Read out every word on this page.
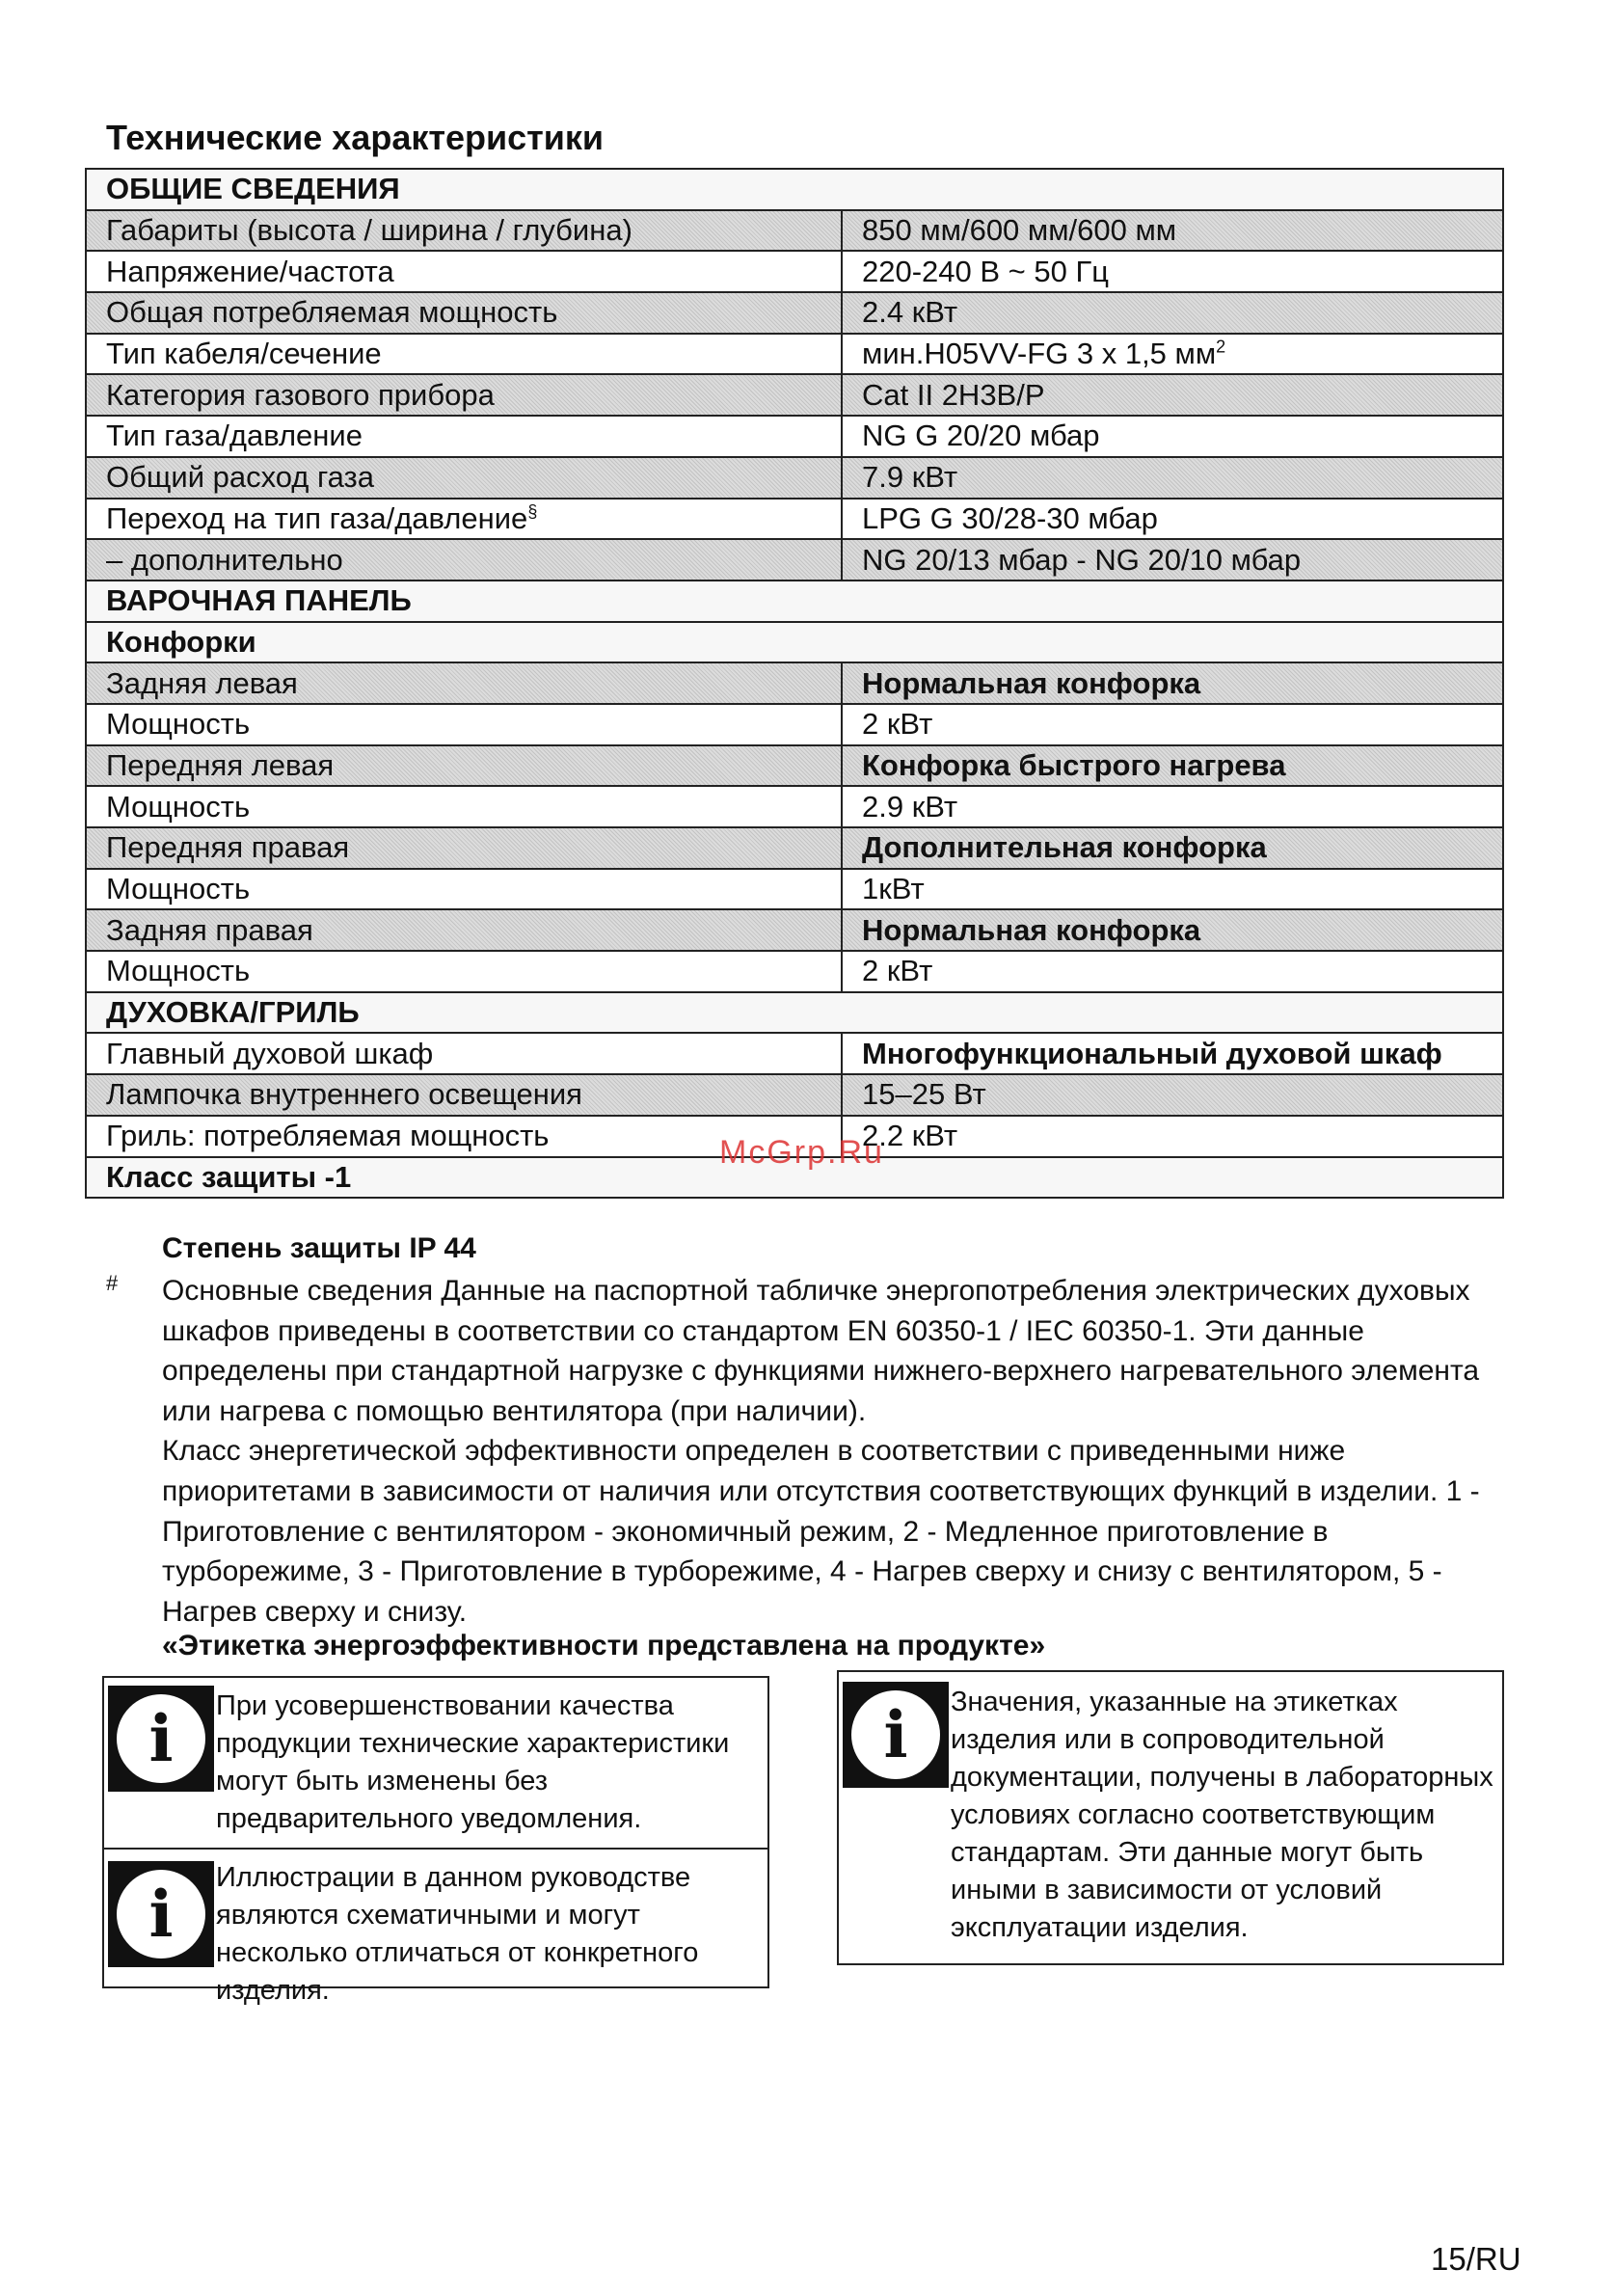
Технические характеристики
ОБЩИЕ СВЕДЕНИЯ	
Габариты (высота / ширина / глубина)	850 мм/600 мм/600 мм
Напряжение/частота	220-240 В ~ 50 Гц
Общая потребляемая мощность	2.4 кВт
Тип кабеля/сечение	мин.H05VV-FG 3 x 1,5 $мм^2$
Категория газового прибора	Cat II 2H3B/P
Тип газа/давление	NG G 20/20 мбар
Общий расход газа	7.9 кВт
Переход на тип газа/давление§	LPG G 30/28-30 мбар
– дополнительно	NG 20/13 мбар - NG 20/10 мбар
ВАРОЧНАЯ ПАНЕЛЬ	
Конфорки	
Задняя левая	Нормальная конфорка
Мощность	2 кВт
Передняя левая	Конфорка быстрого нагрева
Мощность	2.9 кВт
Передняя правая	Дополнительная конфорка
Мощность	1кВт
Задняя правая	Нормальная конфорка
Мощность	2 кВт
ДУХОВКА/ГРИЛЬ	
Главный духовой шкаф	Многофункциональный духовой шкаф
Лампочка внутреннего освещения	15–25 Вт
Гриль: потребляемая мощность	2.2 кВт
Класс защиты -1	
Степень защиты IP 44
# Основные сведения Данные на паспортной табличке энергопотребления электрических духовых шкафов приведены в соответствии со стандартом EN 60350-1 / IEC 60350-1. Эти данные определены при стандартной нагрузке с функциями нижнего-верхнего нагревательного элемента или нагрева с помощью вентилятора (при наличии).

Класс энергетической эффективности определен в соответствии с приведенными ниже приоритетами в зависимости от наличия или отсутствия соответствующих функций в изделии. 1 - Приготовление с вентилятором - экономичный режим, 2 - Медленное приготовление в турборежиме, 3 - Приготовление в турборежиме, 4 - Нагрев сверху и снизу с вентилятором, 5 - Нагрев сверху и снизу.

«Этикетка энергоэффективности представлена на продукте»
i	При усовершенствовании качества продукции технические характеристики могут быть изменены без предварительного уведомления.
i	Иллюстрации в данном руководстве являются схематичными и могут несколько отличаться от конкретного изделия.
i	Значения, указанные на этикетках изделия или в сопроводительной документации, получены в лабораторных условиях согласно соответствующим стандартам. Эти данные могут быть иными в зависимости от условий эксплуатации изделия.
McGrp.Ru
15/RU
